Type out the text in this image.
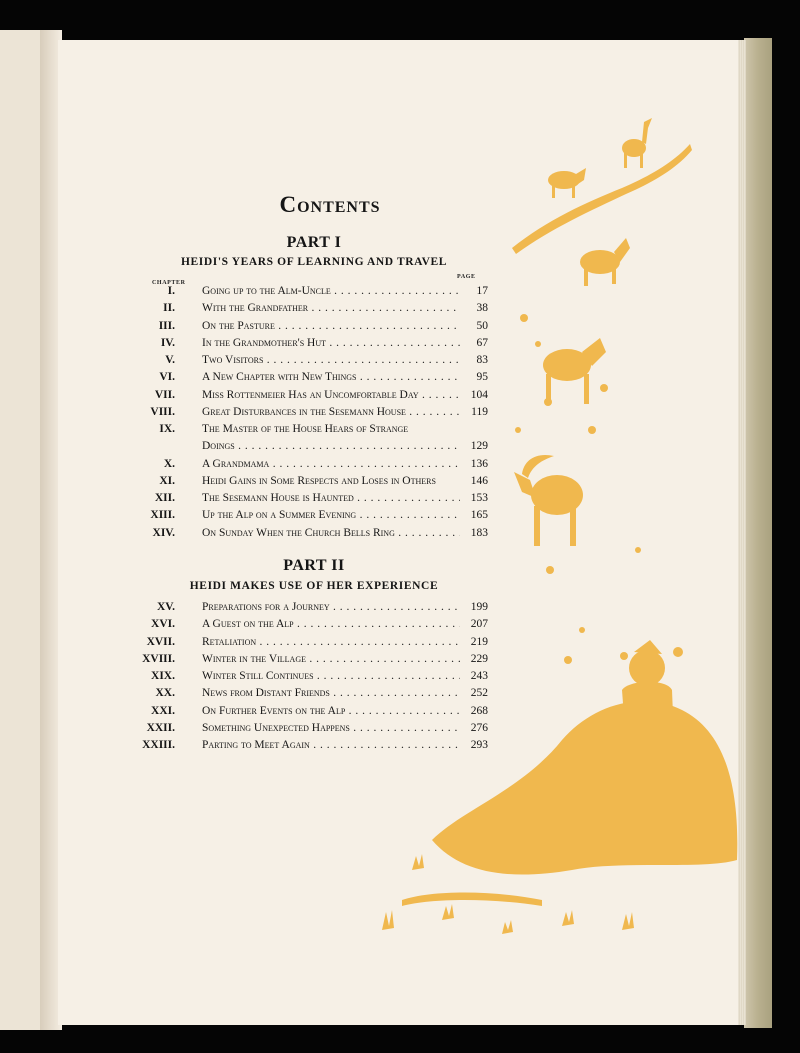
Contents
PART I
HEIDI'S YEARS OF LEARNING AND TRAVEL
CHAPTER
PAGE
I. Going up to the Alm-Uncle . . .	17
II. With the Grandfather . . .	38
III. On the Pasture . . .	50
IV. In the Grandmother's Hut . . .	67
V. Two Visitors . . .	83
VI. A New Chapter with New Things . . .	95
VII. Miss Rottenmeier Has an Uncomfortable Day . . .	104
VIII. Great Disturbances in the Sesemann House . . .	119
IX. The Master of the House Hears of Strange
Doings . . .	129
X. A Grandmama . . .	136
XI. Heidi Gains in Some Respects and Loses in Others	146
XII. The Sesemann House is Haunted . . .	153
XIII. Up the Alp on a Summer Evening . . .	165
XIV. On Sunday When the Church Bells Ring . . .	183
PART II
HEIDI MAKES USE OF HER EXPERIENCE
XV. Preparations for a Journey . . .	199
XVI. A Guest on the Alp . . .	207
XVII. Retaliation . . .	219
XVIII. Winter in the Village . . .	229
XIX. Winter Still Continues . . .	243
XX. News from Distant Friends . . .	252
XXI. On Further Events on the Alp . . .	268
XXII. Something Unexpected Happens . . .	276
XXIII. Parting to Meet Again . . .	293
